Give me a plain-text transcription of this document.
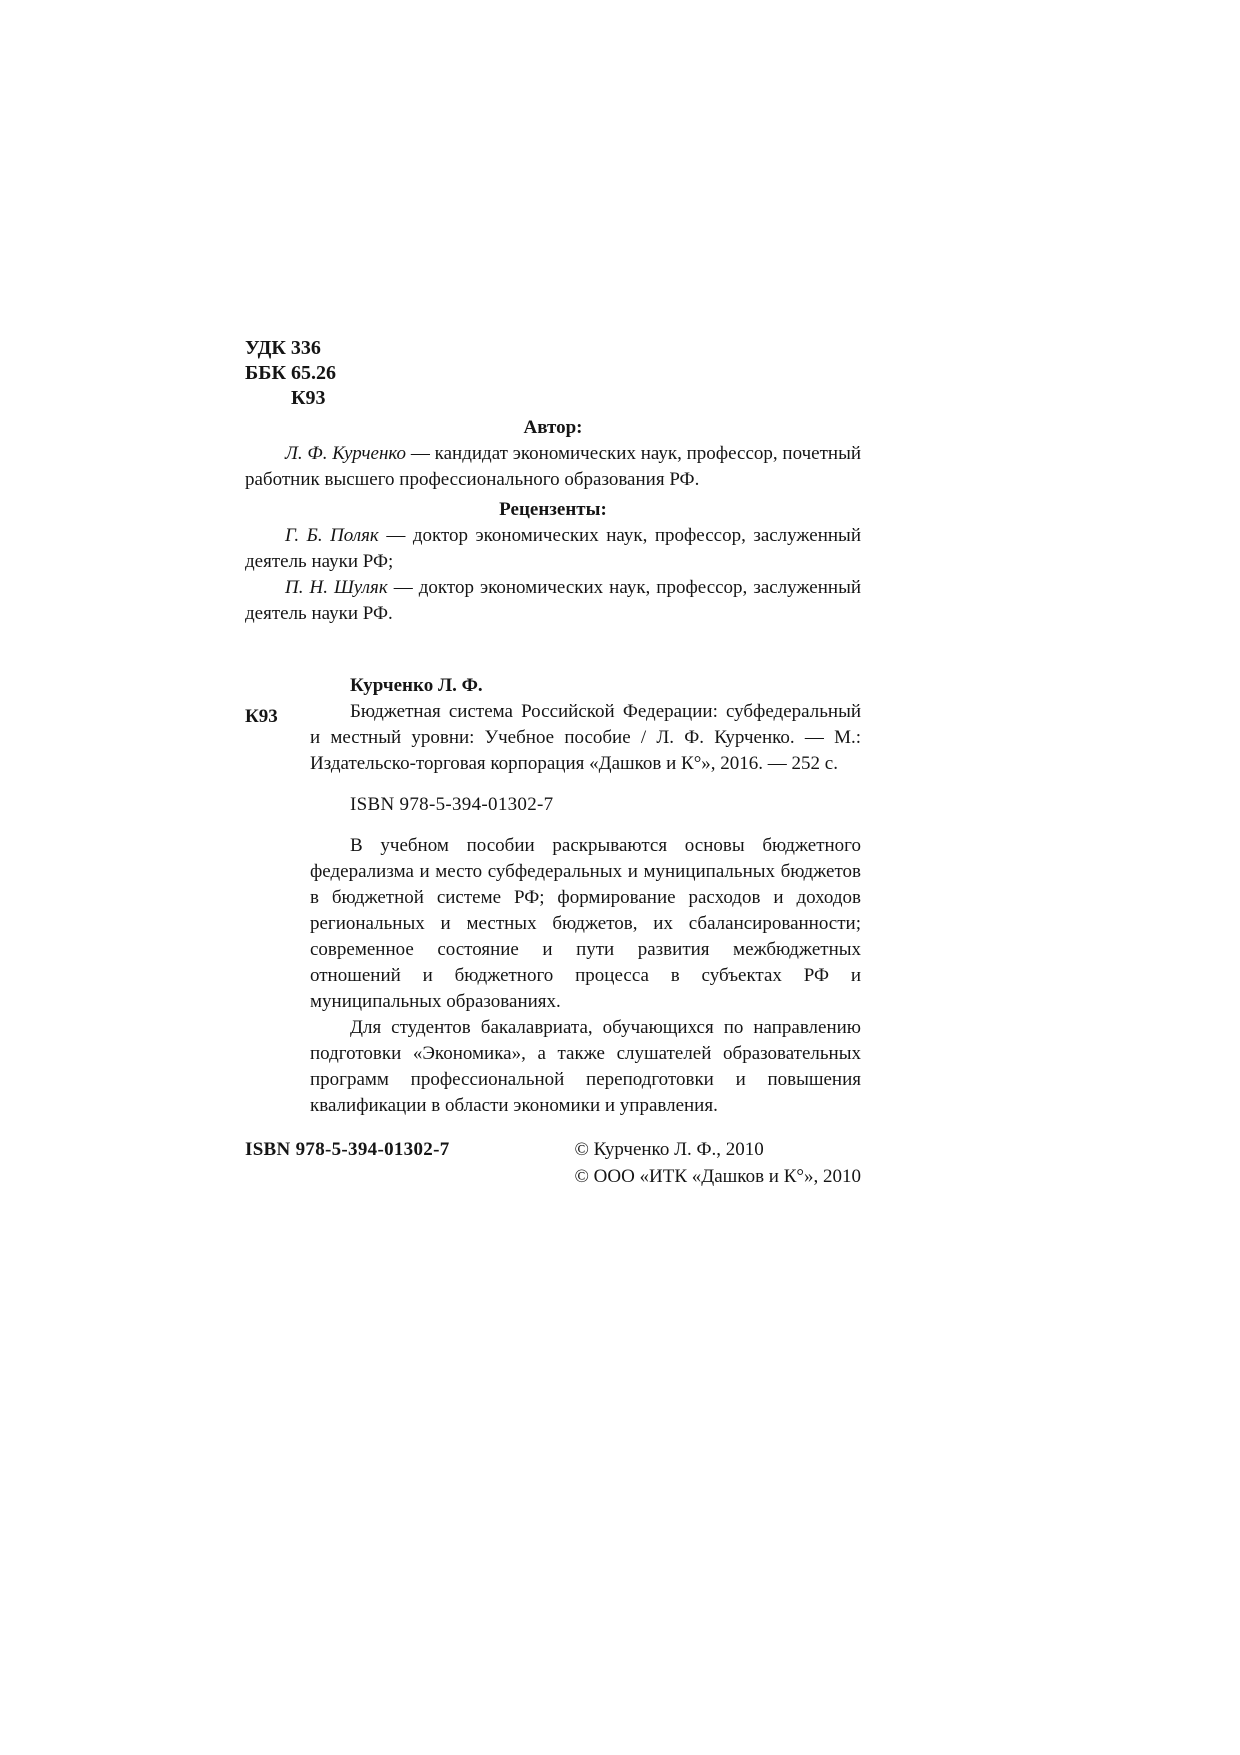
УДК 336
ББК 65.26
К93
Автор:

Л. Ф. Курченко — кандидат экономических наук, профессор, почетный работник высшего профессионального образования РФ.

Рецензенты:

Г. Б. Поляк — доктор экономических наук, профессор, заслуженный деятель науки РФ;

П. Н. Шуляк — доктор экономических наук, профессор, заслуженный деятель науки РФ.

К93
Курченко Л. Ф.

Бюджетная система Российской Федерации: субфедеральный и местный уровни: Учебное пособие / Л. Ф. Курченко. — М.: Издательско-торговая корпорация «Дашков и К°», 2016. — 252 с.

ISBN 978-5-394-01302-7

В учебном пособии раскрываются основы бюджетного федерализма и место субфедеральных и муниципальных бюджетов в бюджетной системе РФ; формирование расходов и доходов региональных и местных бюджетов, их сбалансированности; современное состояние и пути развития межбюджетных отношений и бюджетного процесса в субъектах РФ и муниципальных образованиях.

Для студентов бакалавриата, обучающихся по направлению подготовки «Экономика», а также слушателей образовательных программ профессиональной переподготовки и повышения квалификации в области экономики и управления.

ISBN 978-5-394-01302-7	© Курченко Л. Ф., 2010
© ООО «ИТК «Дашков и К°», 2010
